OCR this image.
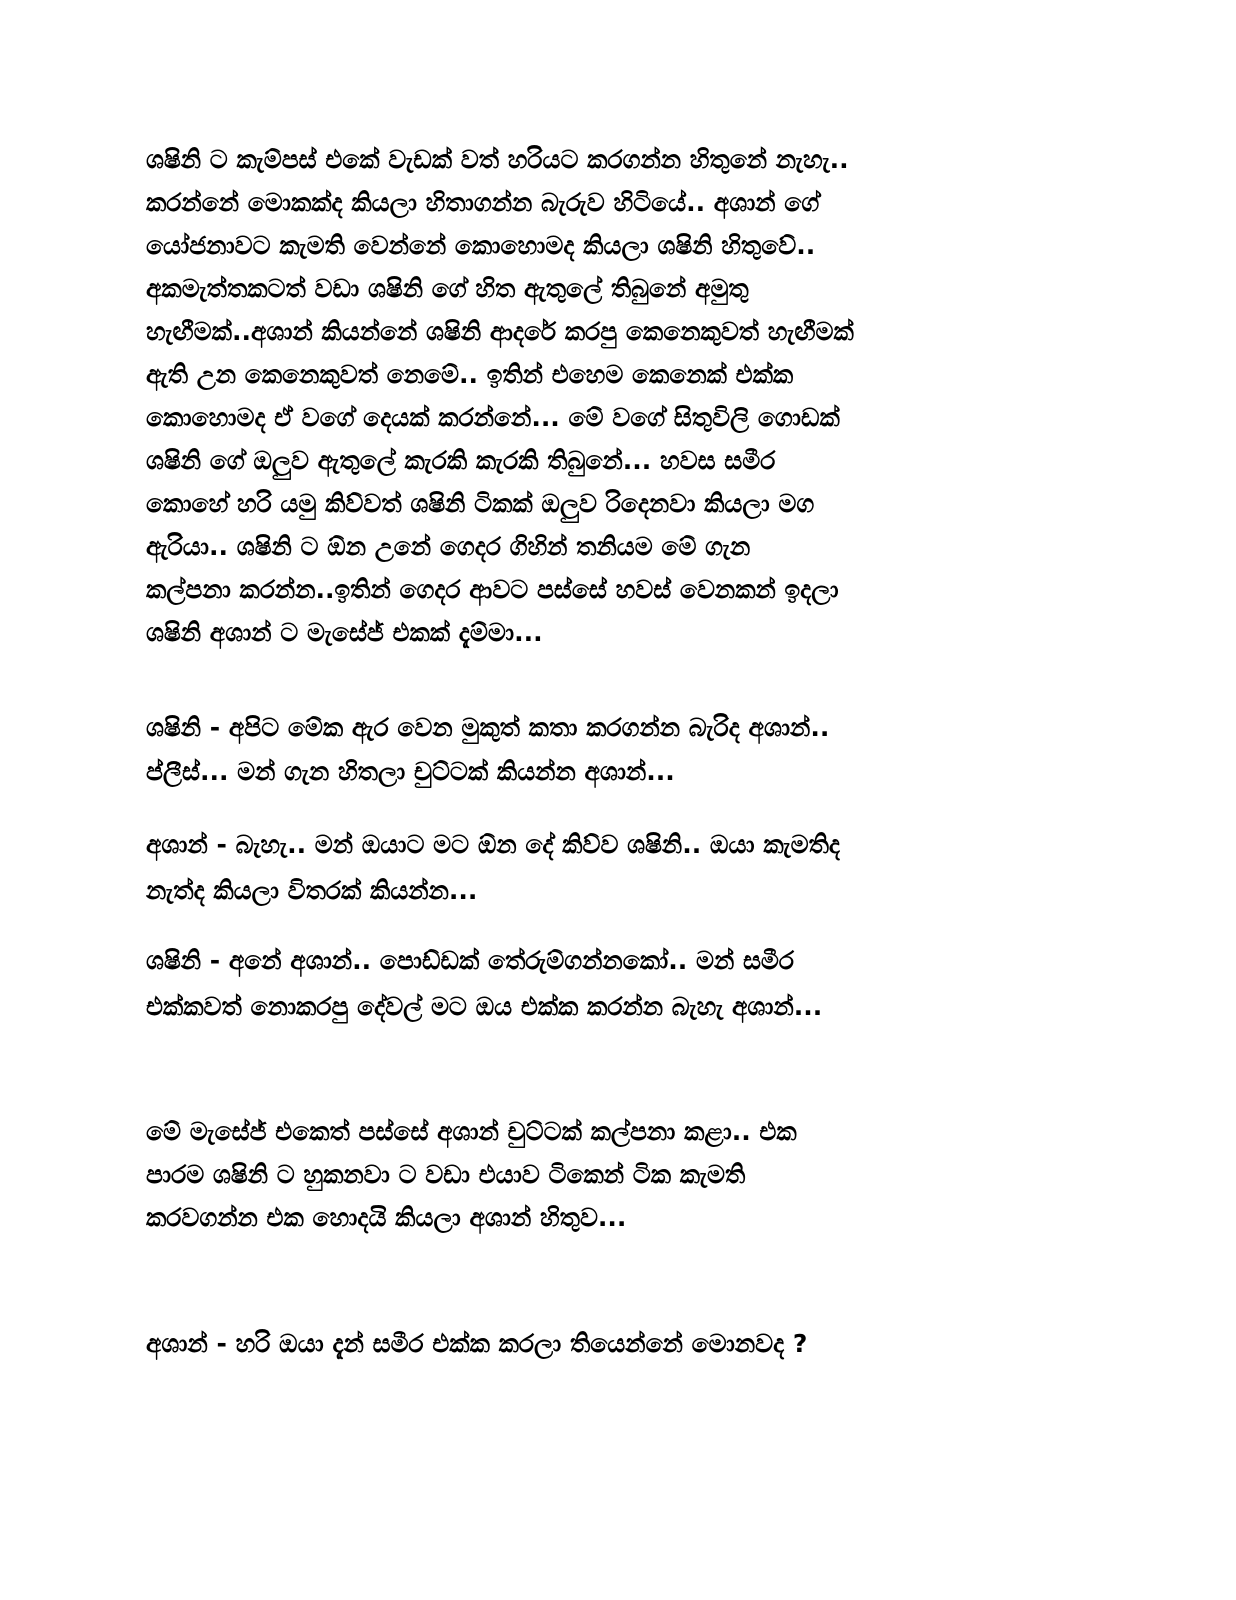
ශෂිනි ට කැම්පස් එකේ වැඩක් වත් හරියට කරගන්න හිතුනේ නැහැ..
කරන්නේ මොකක්ද කියලා හිතාගන්න බැරුව හිටියේ.. අශාන් ගේ
යෝජනාවට කැමති වෙන්නේ කොහොමද කියලා ශෂිනි හිතුවේ..
අකමැත්තකටත් වඩා ශෂිනි ගේ හිත ඇතුලේ තිබුනේ අමුතු
හැඟීමක්..අශාන් කියන්නේ ශෂිනි ආදරේ කරපු කෙනෙකුවත් හැඟීමක්
ඇති උන කෙනෙකුවත් නෙමේ.. ඉතින් එහෙම කෙනෙක් එක්ක
කොහොමද ඒ වගේ දෙයක් කරන්නේ... මේ වගේ සිතුවිලි ගොඩක්
ශෂිනි ගේ ඔලුව ඇතුලේ කැරකි කැරකි තිබුනේ... හවස සමීර
කොහේ හරි යමු කිව්වත් ශෂිනි ටිකක් ඔලුව රිදෙනවා කියලා මග
ඇරියා.. ශෂිනි ට ඕන උනේ ගෙදර ගිහින් තනියම මේ ගැන
කල්පනා කරන්න..ඉතින් ගෙදර ආවට පස්සේ හවස් වෙනකන් ඉදලා
ශෂිනි අශාන් ට මැසේජ් එකක් දැම්මා...
ශෂිනි - අපිට මේක ඇර වෙන මුකුත් කතා කරගන්න බැරිද අශාන්..
ප්ලීස්... මන් ගැන හිතලා චුට්ටක් කියන්න අශාන්...
අශාන් - බැහැ.. මන් ඔයාට මට ඕන දේ කිව්ව ශෂිනි.. ඔයා කැමතිද
නැත්ද කියලා විතරක් කියන්න...
ශෂිනි - අනේ අශාන්.. පොඩ්ඩක් තේරුම්ගන්නකෝ.. මන් සමීර
එක්කවත් නොකරපු දේවල් මට ඔය එක්ක කරන්න බැහැ අශාන්...
මේ මැසේජ් එකෙත් පස්සේ අශාන් චුට්ටක් කල්පනා කළා.. එක
පාරම ශෂිනි ට හුකනවා ට වඩා එයාව ටිකෙන් ටික කැමති
කරවගන්න එක හොදයි කියලා අශාන් හිතුව...
අශාන් - හරි ඔයා දැන් සමීර එක්ක කරලා තියෙන්නේ මොනවද ?
